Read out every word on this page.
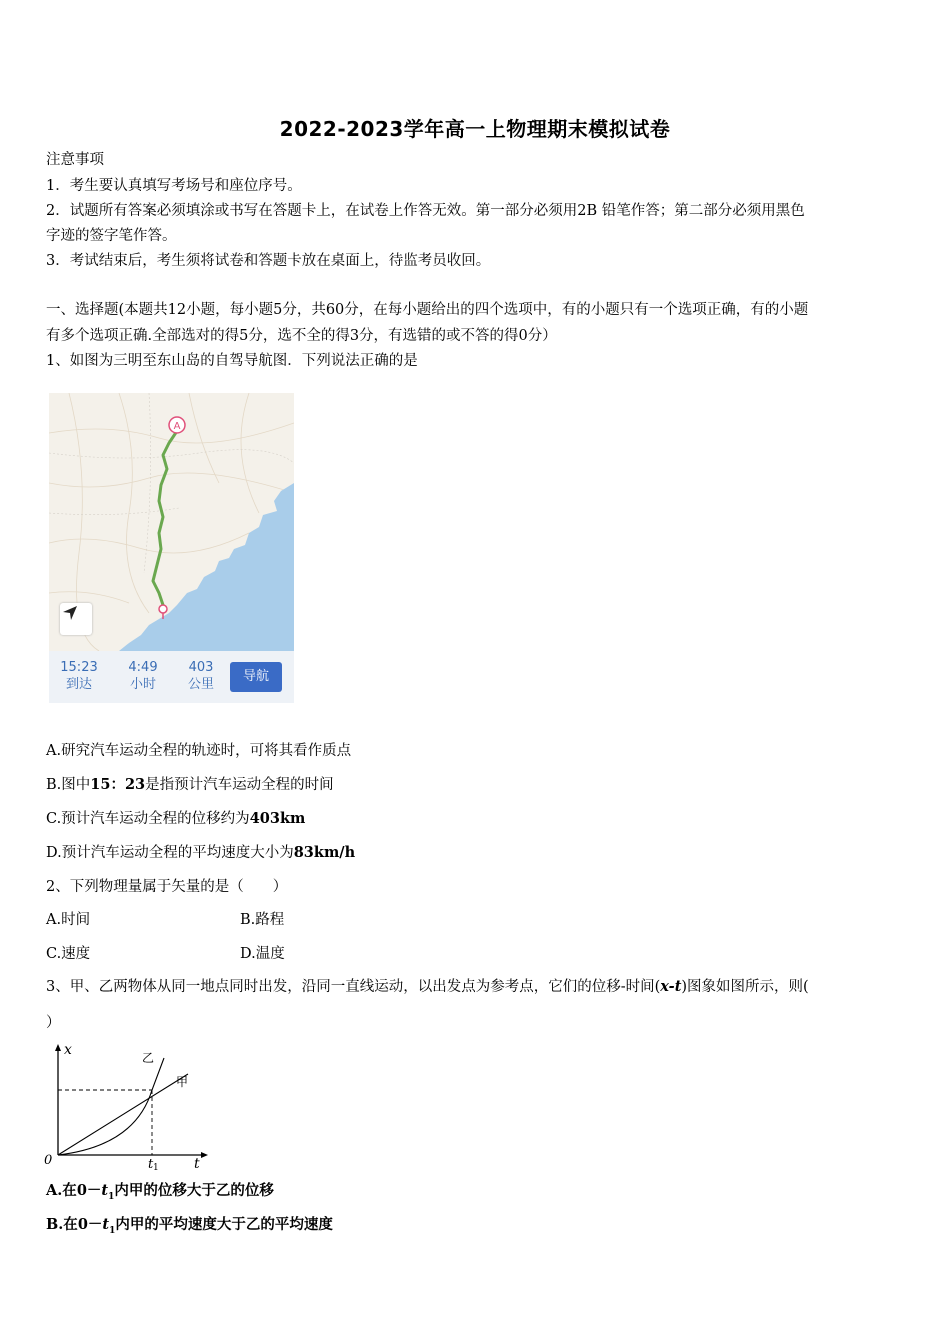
2022-2023学年高一上物理期末模拟试卷
注意事项
1．考生要认真填写考场号和座位序号。
2．试题所有答案必须填涂或书写在答题卡上，在试卷上作答无效。第一部分必须用2B 铅笔作答；第二部分必须用黑色
字迹的签字笔作答。
3．考试结束后，考生须将试卷和答题卡放在桌面上，待监考员收回。
一、选择题(本题共12小题，每小题5分，共60分，在每小题给出的四个选项中，有的小题只有一个选项正确，有的小题
有多个选项正确.全部选对的得5分，选不全的得3分，有选错的或不答的得0分）
1、如图为三明至东山岛的自驾导航图．下列说法正确的是
A
15:23
到达
4:49
小时
403
公里
导航
A.研究汽车运动全程的轨迹时，可将其看作质点
B.图中15：23是指预计汽车运动全程的时间
C.预计汽车运动全程的位移约为403km
D.预计汽车运动全程的平均速度大小为83km/h
2、下列物理量属于矢量的是（　　）
A.时间	B.路程
C.速度	D.温度
3、甲、乙两物体从同一地点同时出发，沿同一直线运动，以出发点为参考点，它们的位移-时间(x-t)图象如图所示，则(
）
x
t
0	t 1
乙
甲
A.在$0-t_1$内甲的位移大于乙的位移
B.在$0-t_1$内甲的平均速度大于乙的平均速度
